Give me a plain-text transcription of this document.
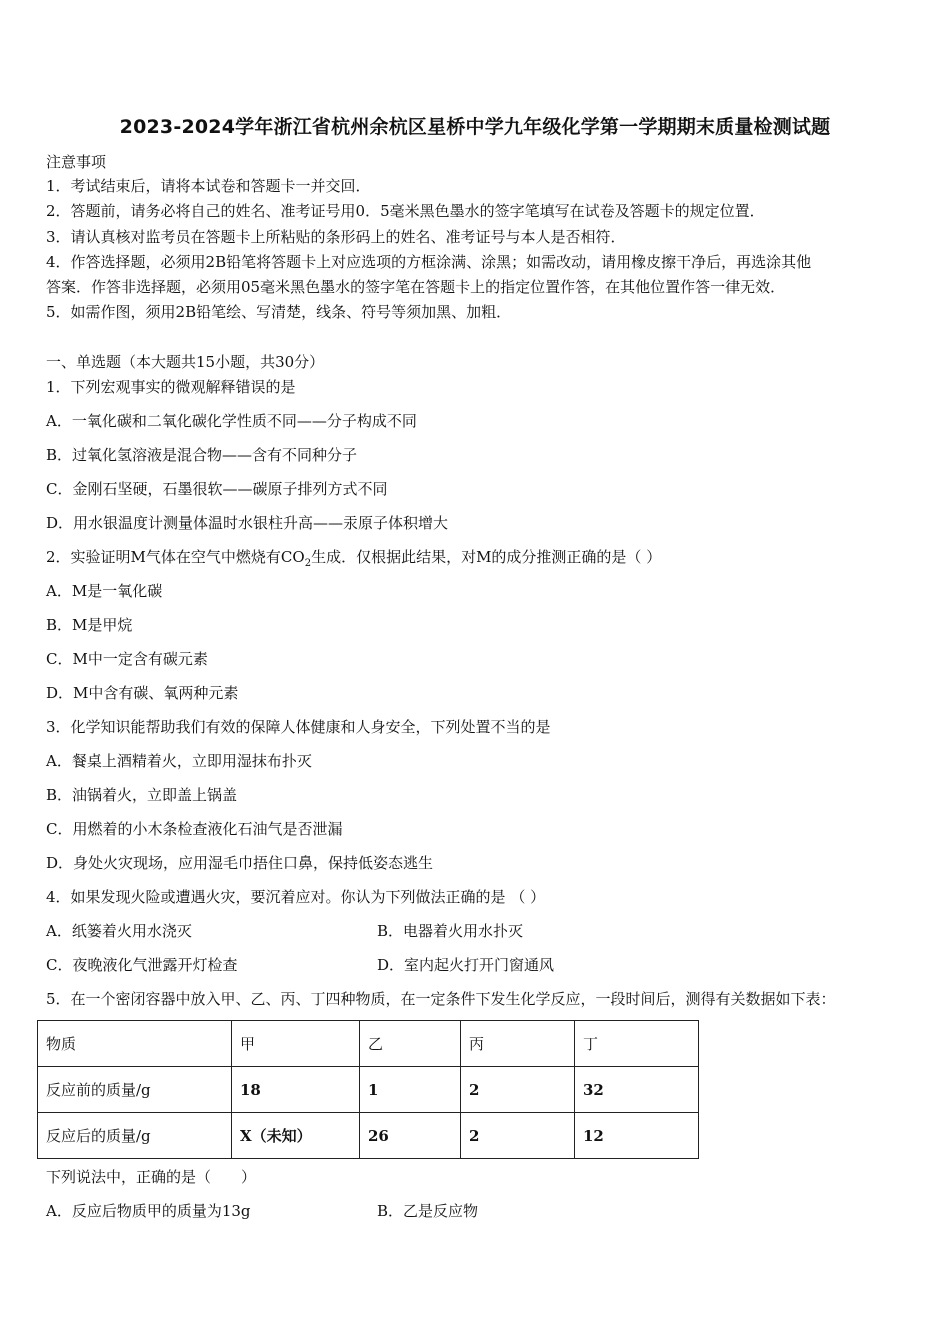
2023-2024学年浙江省杭州余杭区星桥中学九年级化学第一学期期末质量检测试题
注意事项
1．考试结束后，请将本试卷和答题卡一并交回．
2．答题前，请务必将自己的姓名、准考证号用0．5毫米黑色墨水的签字笔填写在试卷及答题卡的规定位置．
3．请认真核对监考员在答题卡上所粘贴的条形码上的姓名、准考证号与本人是否相符．
4．作答选择题，必须用2B铅笔将答题卡上对应选项的方框涂满、涂黑；如需改动，请用橡皮擦干净后，再选涂其他
答案．作答非选择题，必须用05毫米黑色墨水的签字笔在答题卡上的指定位置作答，在其他位置作答一律无效．
5．如需作图，须用2B铅笔绘、写清楚，线条、符号等须加黑、加粗．
一、单选题（本大题共15小题，共30分）
1．下列宏观事实的微观解释错误的是
A．一氧化碳和二氧化碳化学性质不同——分子构成不同
B．过氧化氢溶液是混合物——含有不同种分子
C．金刚石坚硬，石墨很软——碳原子排列方式不同
D．用水银温度计测量体温时水银柱升高——汞原子体积增大
2．实验证明M气体在空气中燃烧有$CO_2$生成．仅根据此结果，对M的成分推测正确的是（ ）
A．M是一氧化碳
B．M是甲烷
C．M中一定含有碳元素
D．M中含有碳、氧两种元素
3．化学知识能帮助我们有效的保障人体健康和人身安全，下列处置不当的是
A．餐桌上酒精着火，立即用湿抹布扑灭
B．油锅着火，立即盖上锅盖
C．用燃着的小木条检查液化石油气是否泄漏
D．身处火灾现场，应用湿毛巾捂住口鼻，保持低姿态逃生
4．如果发现火险或遭遇火灾，要沉着应对。你认为下列做法正确的是 （ ）
A．纸篓着火用水浇灭	B．电器着火用水扑灭
C．夜晚液化气泄露开灯检查	D．室内起火打开门窗通风
5．在一个密闭容器中放入甲、乙、丙、丁四种物质，在一定条件下发生化学反应，一段时间后，测得有关数据如下表：
物质	甲	乙	丙	丁
反应前的质量/g	18	1	2	32
反应后的质量/g	X（未知）	26	2	12
下列说法中，正确的是（　　）
A．反应后物质甲的质量为13g	B．乙是反应物
